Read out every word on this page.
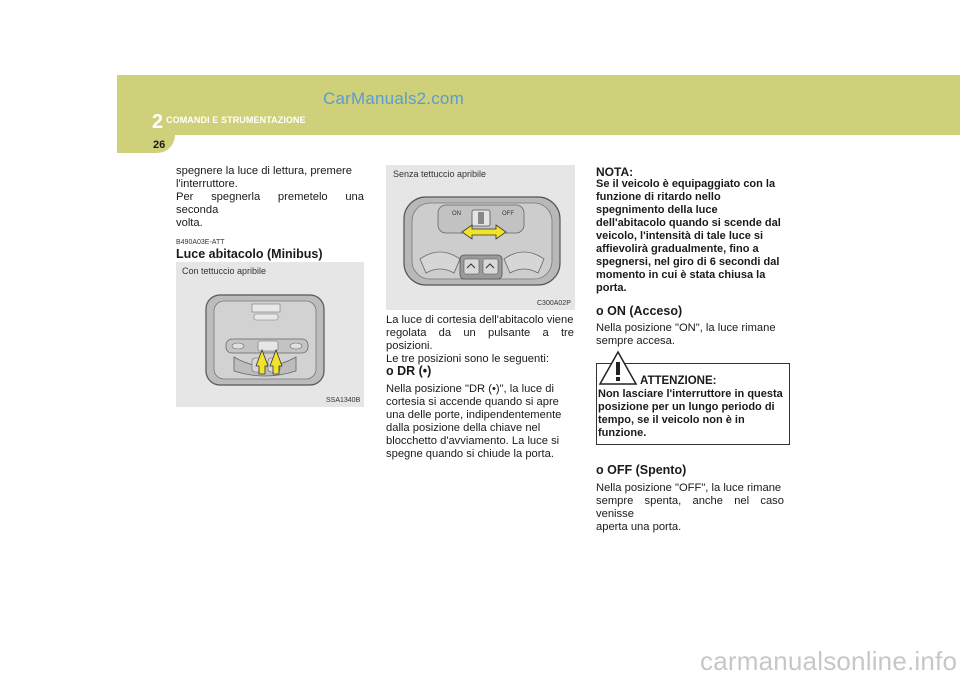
2 COMANDI E STRUMENTAZIONE
26
CarManuals2.com
spegnere la luce di lettura, premere
l'interruttore.
Per spegnerla premetelo una seconda
volta.
B490A03E-ATT
Luce abitacolo (Minibus)
Con tettuccio apribile
SSA1340B
Senza tettuccio apribile
ON	OFF
C300A02P
La luce di cortesia dell'abitacolo viene
regolata da un pulsante a tre posizioni.
Le tre posizioni sono le seguenti:
o DR (•)
Nella posizione "DR (•)", la luce di
cortesia si accende quando si apre
una delle porte, indipendentemente
dalla posizione della chiave nel
blocchetto d'avviamento. La luce si
spegne quando si chiude la porta.
NOTA:
Se il veicolo è equipaggiato con la
funzione di ritardo nello
spegnimento della luce
dell'abitacolo quando si scende dal
veicolo, l'intensità di tale luce si
affievolirà gradualmente, fino a
spegnersi, nel giro di 6 secondi dal
momento in cui è stata chiusa la
porta.
o ON (Acceso)
Nella posizione "ON", la luce rimane
sempre accesa.
ATTENZIONE:
Non lasciare l'interruttore in questa
posizione per un lungo periodo di
tempo, se il veicolo non è in
funzione.
o OFF (Spento)
Nella posizione "OFF", la luce rimane
sempre spenta, anche nel caso venisse
aperta una porta.
carmanualsonline.info
